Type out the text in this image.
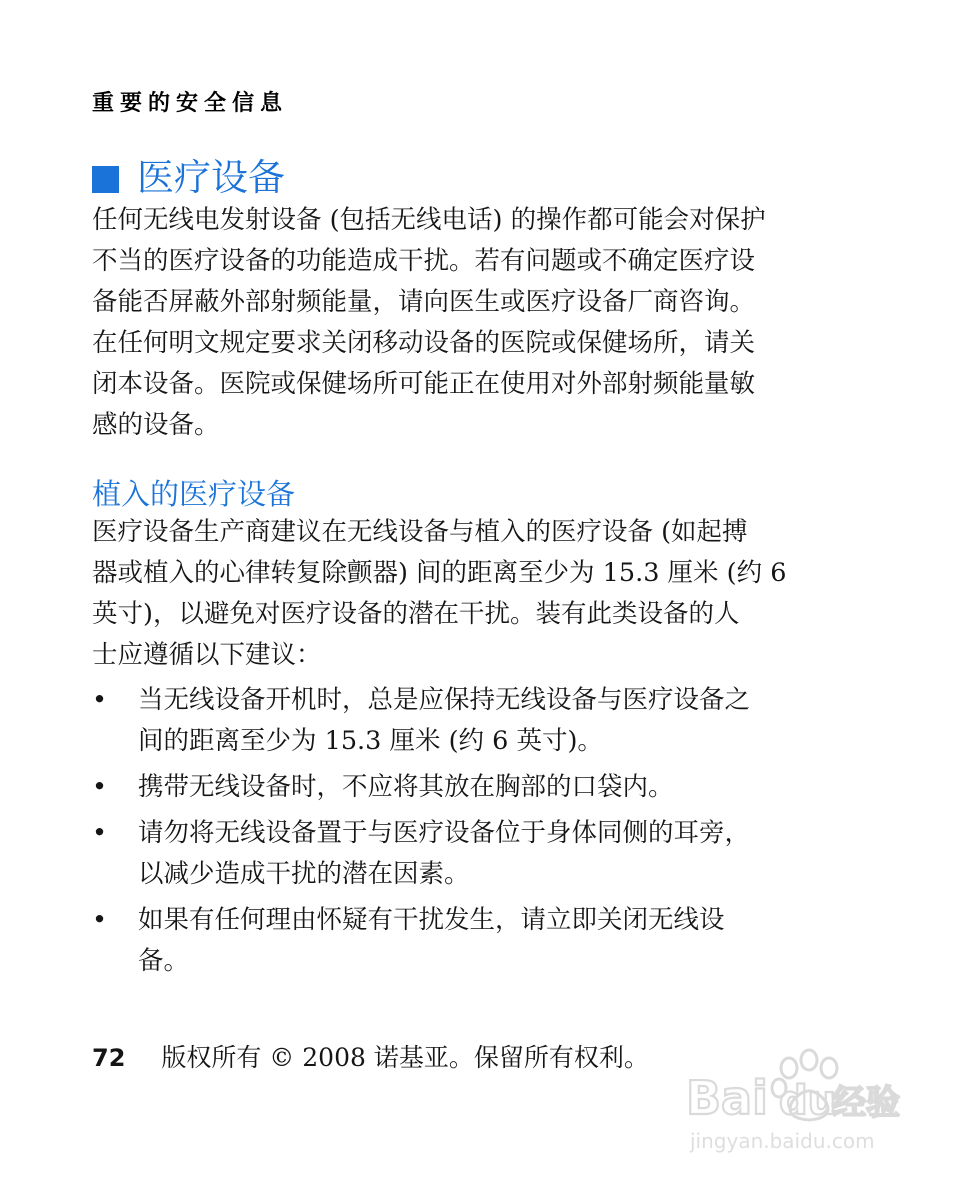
重要的安全信息
医疗设备

任何无线电发射设备 (包括无线电话) 的操作都可能会对保护
不当的医疗设备的功能造成干扰。若有问题或不确定医疗设
备能否屏蔽外部射频能量，请向医生或医疗设备厂商咨询。
在任何明文规定要求关闭移动设备的医院或保健场所，请关
闭本设备。医院或保健场所可能正在使用对外部射频能量敏
感的设备。

植入的医疗设备

医疗设备生产商建议在无线设备与植入的医疗设备 (如起搏
器或植入的心律转复除颤器) 间的距离至少为 15.3 厘米 (约 6
英寸)，以避免对医疗设备的潜在干扰。装有此类设备的人
士应遵循以下建议：

• 当无线设备开机时，总是应保持无线设备与医疗设备之
间的距离至少为 15.3 厘米 (约 6 英寸)。
• 携带无线设备时，不应将其放在胸部的口袋内。
• 请勿将无线设备置于与医疗设备位于身体同侧的耳旁，
以减少造成干扰的潜在因素。
• 如果有任何理由怀疑有干扰发生，请立即关闭无线设
备。
72 版权所有 © 2008 诺基亚。保留所有权利。
Bai du
经验
jingyan.baidu.com
